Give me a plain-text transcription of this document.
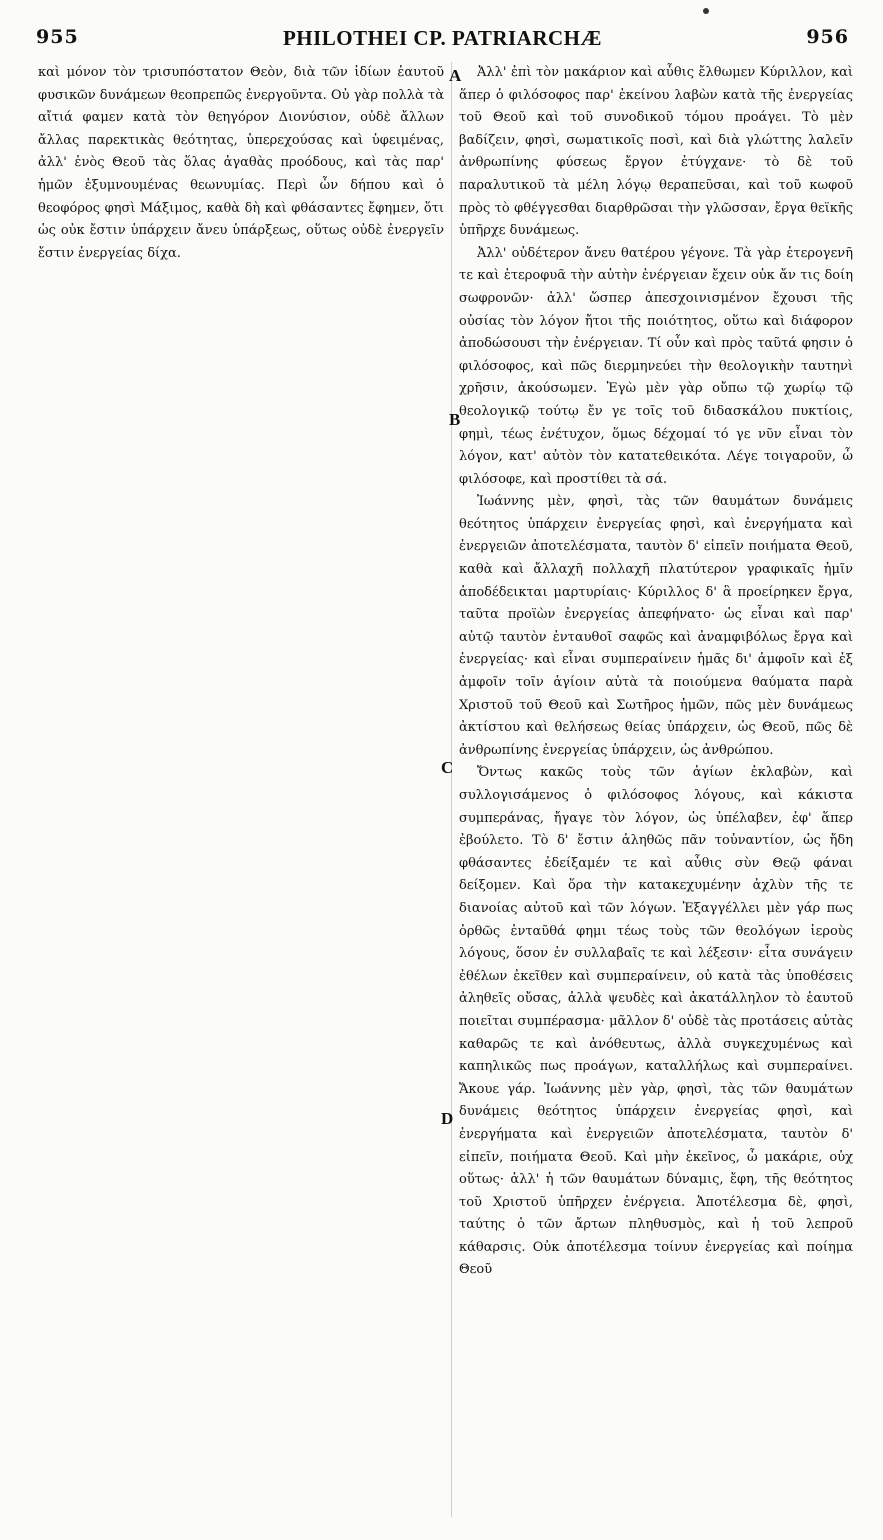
955	PHILOTHEI CP. PATRIARCHÆ	956

καὶ μόνον τὸν τρισυπόστατον Θεὸν, διὰ τῶν ἰδίων ἑαυτοῦ φυσικῶν δυνάμεων θεοπρεπῶς ἐνεργοῦντα. Οὐ γὰρ πολλὰ τὰ αἴτιά φαμεν κατὰ τὸν θεηγόρον Διονύσιον, οὐδὲ ἄλλων ἄλλας παρεκτικὰς θεότητας, ὑπερεχούσας καὶ ὑφειμένας, ἀλλ' ἑνὸς Θεοῦ τὰς ὅλας ἀγαθὰς προόδους, καὶ τὰς παρ' ἡμῶν ἐξυμνουμένας θεωνυμίας. Περὶ ὧν δήπου καὶ ὁ θεοφόρος φησὶ Μάξιμος, καθὰ δὴ καὶ φθάσαντες ἔφημεν, ὅτι ὡς οὐκ ἔστιν ὑπάρχειν ἄνευ ὑπάρξεως, οὕτως οὐδὲ ἐνεργεῖν ἔστιν ἐνεργείας δίχα.

A
B
C
D

Ἀλλ' ἐπὶ τὸν μακάριον καὶ αὖθις ἔλθωμεν Κύριλλον, καὶ ἅπερ ὁ φιλόσοφος παρ' ἐκείνου λαβὼν κατὰ τῆς ἐνεργείας τοῦ Θεοῦ καὶ τοῦ συνοδικοῦ τόμου προάγει. Τὸ μὲν βαδίζειν, φησὶ, σωματικοῖς ποσὶ, καὶ διὰ γλώττης λαλεῖν ἀνθρωπίνης φύσεως ἔργον ἐτύγχανε· τὸ δὲ τοῦ παραλυτικοῦ τὰ μέλη λόγῳ θεραπεῦσαι, καὶ τοῦ κωφοῦ πρὸς τὸ φθέγγεσθαι διαρθρῶσαι τὴν γλῶσσαν, ἔργα θεϊκῆς ὑπῆρχε δυνάμεως.

Ἀλλ' οὐδέτερον ἄνευ θατέρου γέγονε. Τὰ γὰρ ἑτερογενῆ τε καὶ ἑτεροφυᾶ τὴν αὐτὴν ἐνέργειαν ἔχειν οὐκ ἄν τις δοίη σωφρονῶν· ἀλλ' ὥσπερ ἀπεσχοινισμένον ἔχουσι τῆς οὐσίας τὸν λόγον ἤτοι τῆς ποιότητος, οὕτω καὶ διάφορον ἀποδώσουσι τὴν ἐνέργειαν. Τί οὖν καὶ πρὸς ταῦτά φησιν ὁ φιλόσοφος, καὶ πῶς διερμηνεύει τὴν θεολογικὴν ταυτηνὶ χρῆσιν, ἀκούσωμεν. Ἐγὼ μὲν γὰρ οὔπω τῷ χωρίῳ τῷ θεολογικῷ τούτῳ ἔν γε τοῖς τοῦ διδασκάλου πυκτίοις, φημὶ, τέως ἐνέτυχον, ὅμως δέχομαί τό γε νῦν εἶναι τὸν λόγον, κατ' αὐτὸν τὸν κατατεθεικότα. Λέγε τοιγαροῦν, ὦ φιλόσοφε, καὶ προστίθει τὰ σά.

Ἰωάννης μὲν, φησὶ, τὰς τῶν θαυμάτων δυνάμεις θεότητος ὑπάρχειν ἐνεργείας φησὶ, καὶ ἐνεργήματα καὶ ἐνεργειῶν ἀποτελέσματα, ταυτὸν δ' εἰπεῖν ποιήματα Θεοῦ, καθὰ καὶ ἄλλαχῆ πολλαχῆ πλατύτερον γραφικαῖς ἡμῖν ἀποδέδεικται μαρτυρίαις· Κύριλλος δ' ἃ προείρηκεν ἔργα, ταῦτα προϊὼν ἐνεργείας ἀπεφήνατο· ὡς εἶναι καὶ παρ' αὐτῷ ταυτὸν ἐνταυθοῖ σαφῶς καὶ ἀναμφιβόλως ἔργα καὶ ἐνεργείας· καὶ εἶναι συμπεραίνειν ἡμᾶς δι' ἀμφοῖν καὶ ἐξ ἀμφοῖν τοῖν ἁγίοιν αὐτὰ τὰ ποιούμενα θαύματα παρὰ Χριστοῦ τοῦ Θεοῦ καὶ Σωτῆρος ἡμῶν, πῶς μὲν δυνάμεως ἀκτίστου καὶ θελήσεως θείας ὑπάρχειν, ὡς Θεοῦ, πῶς δὲ ἀνθρωπίνης ἐνεργείας ὑπάρχειν, ὡς ἀνθρώπου.

Ὄντως κακῶς τοὺς τῶν ἁγίων ἐκλαβὼν, καὶ συλλογισάμενος ὁ φιλόσοφος λόγους, καὶ κάκιστα συμπεράνας, ἤγαγε τὸν λόγον, ὡς ὑπέλαβεν, ἐφ' ἅπερ ἐβούλετο. Τὸ δ' ἔστιν ἀληθῶς πᾶν τοὐναντίον, ὡς ἤδη φθάσαντες ἐδείξαμέν τε καὶ αὖθις σὺν Θεῷ φάναι δείξομεν. Καὶ ὅρα τὴν κατακεχυμένην ἀχλὺν τῆς τε διανοίας αὐτοῦ καὶ τῶν λόγων. Ἐξαγγέλλει μὲν γάρ πως ὀρθῶς ἐνταῦθά φημι τέως τοὺς τῶν θεολόγων ἱεροὺς λόγους, ὅσον ἐν συλλαβαῖς τε καὶ λέξεσιν· εἶτα συνάγειν ἐθέλων ἐκεῖθεν καὶ συμπεραίνειν, οὐ κατὰ τὰς ὑποθέσεις ἀληθεῖς οὔσας, ἀλλὰ ψευδὲς καὶ ἀκατάλληλον τὸ ἑαυτοῦ ποιεῖται συμπέρασμα· μᾶλλον δ' οὐδὲ τὰς προτάσεις αὐτὰς καθαρῶς τε καὶ ἀνόθευτως, ἀλλὰ συγκεχυμένως καὶ καπηλικῶς πως προάγων, καταλλήλως καὶ συμπεραίνει. Ἄκουε γάρ. Ἰωάννης μὲν γὰρ, φησὶ, τὰς τῶν θαυμάτων δυνάμεις θεότητος ὑπάρχειν ἐνεργείας φησὶ, καὶ ἐνεργήματα καὶ ἐνεργειῶν ἀποτελέσματα, ταυτὸν δ' εἰπεῖν, ποιήματα Θεοῦ. Καὶ μὴν ἐκεῖνος, ὦ μακάριε, οὐχ οὕτως· ἀλλ' ἡ τῶν θαυμάτων δύναμις, ἔφη, τῆς θεότητος τοῦ Χριστοῦ ὑπῆρχεν ἐνέργεια. Ἀποτέλεσμα δὲ, φησὶ, ταύτης ὁ τῶν ἄρτων πληθυσμὸς, καὶ ἡ τοῦ λεπροῦ κάθαρσις. Οὐκ ἀποτέλεσμα τοίνυν ἐνεργείας καὶ ποίημα Θεοῦ
